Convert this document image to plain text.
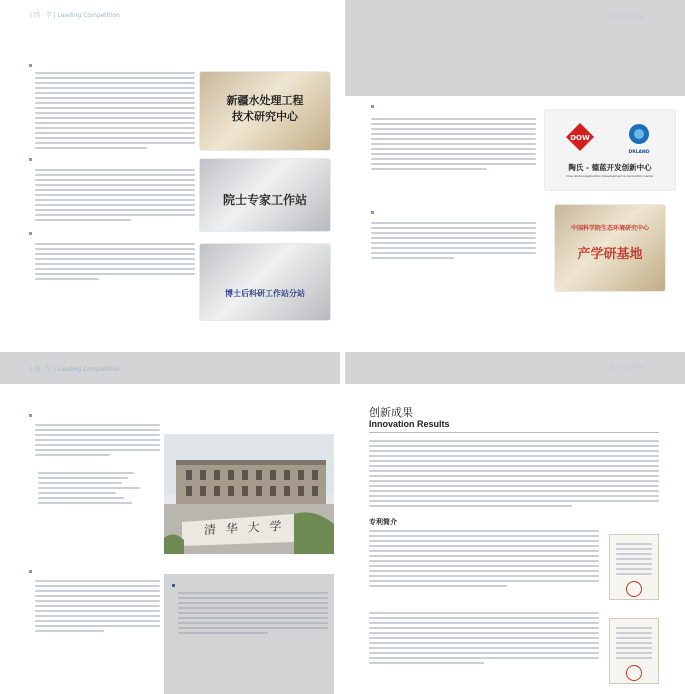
| 四 · 学 | Leading Competition
新疆水处理工程
技术研究中心
院士专家工作站
博士后科研工作站分站
第三节 研究中心
DOW
DRLAND
陶氏 - 德蓝开发创新中心
Dow Global Application Development & Innovation Center
中国科学院生态环境研究中心
产学研基地
| 四 · 学 | Leading Competition
清 华 大 学
第三节 研究中心
创新成果
Innovation Results
专利简介
